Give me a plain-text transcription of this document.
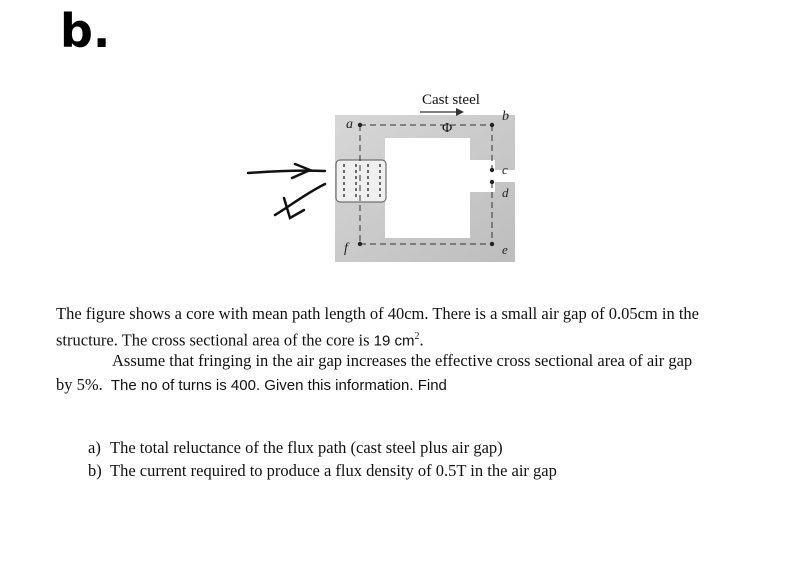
b.
Cast steel
Φ
a
b
c
d
e
f
The figure shows a core with mean path length of 40cm. There is a small air gap of 0.05cm in the
structure. The cross sectional area of the core is 19 $cm^2$.
Assume that fringing in the air gap increases the effective cross sectional area of air gap
by 5%. The no of turns is 400. Given this information. Find
a) The total reluctance of the flux path (cast steel plus air gap)
b) The current required to produce a flux density of 0.5T in the air gap
